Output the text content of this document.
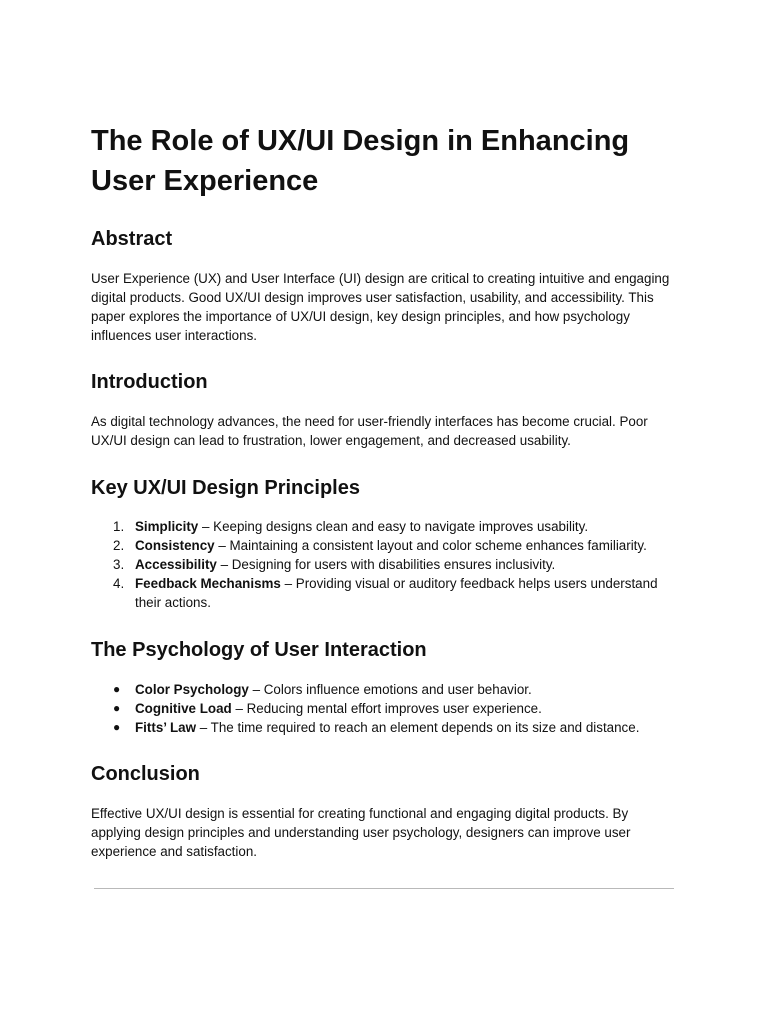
The Role of UX/UI Design in Enhancing User Experience
Abstract

User Experience (UX) and User Interface (UI) design are critical to creating intuitive and engaging digital products. Good UX/UI design improves user satisfaction, usability, and accessibility. This paper explores the importance of UX/UI design, key design principles, and how psychology influences user interactions.

Introduction

As digital technology advances, the need for user-friendly interfaces has become crucial. Poor UX/UI design can lead to frustration, lower engagement, and decreased usability.

Key UX/UI Design Principles
1. Simplicity – Keeping designs clean and easy to navigate improves usability.
2. Consistency – Maintaining a consistent layout and color scheme enhances familiarity.
3. Accessibility – Designing for users with disabilities ensures inclusivity.
4. Feedback Mechanisms – Providing visual or auditory feedback helps users understand their actions.
The Psychology of User Interaction
● Color Psychology – Colors influence emotions and user behavior.
● Cognitive Load – Reducing mental effort improves user experience.
● Fitts’ Law – The time required to reach an element depends on its size and distance.
Conclusion

Effective UX/UI design is essential for creating functional and engaging digital products. By applying design principles and understanding user psychology, designers can improve user experience and satisfaction.
